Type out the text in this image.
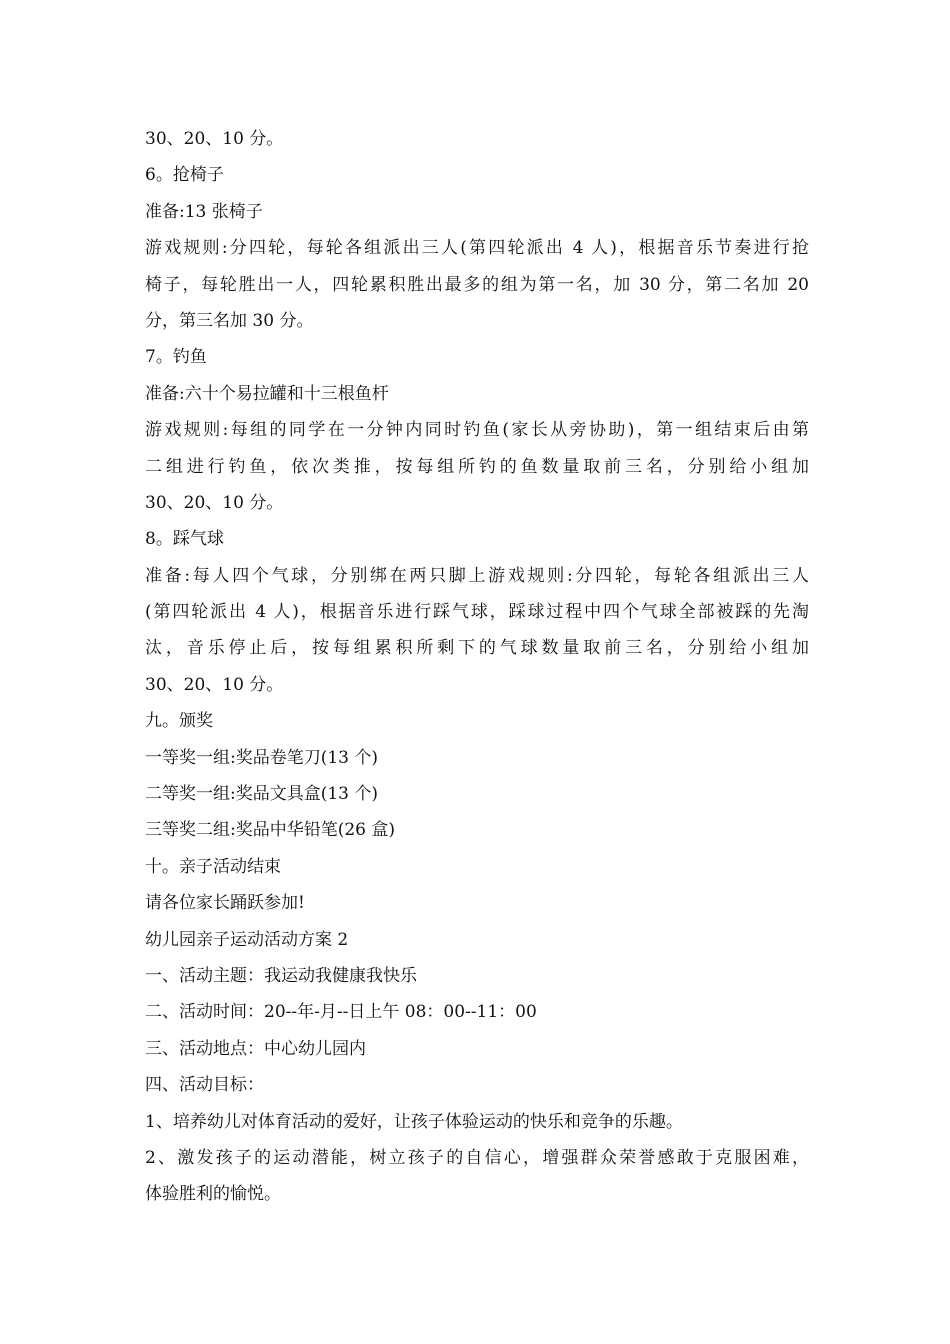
30、20、10 分。
6。抢椅子
准备:13 张椅子
游戏规则:分四轮，每轮各组派出三人(第四轮派出 4 人)，根据音乐节奏进行抢
椅子，每轮胜出一人，四轮累积胜出最多的组为第一名，加 30 分，第二名加 20
分，第三名加 30 分。
7。钓鱼
准备:六十个易拉罐和十三根鱼杆
游戏规则:每组的同学在一分钟内同时钓鱼(家长从旁协助)，第一组结束后由第
二组进行钓鱼，依次类推，按每组所钓的鱼数量取前三名，分别给小组加
30、20、10 分。
8。踩气球
准备:每人四个气球，分别绑在两只脚上游戏规则:分四轮，每轮各组派出三人
(第四轮派出 4 人)，根据音乐进行踩气球，踩球过程中四个气球全部被踩的先淘
汰，音乐停止后，按每组累积所剩下的气球数量取前三名，分别给小组加
30、20、10 分。
九。颁奖
一等奖一组:奖品卷笔刀(13 个)
二等奖一组:奖品文具盒(13 个)
三等奖二组:奖品中华铅笔(26 盒)
十。亲子活动结束
请各位家长踊跃参加!
幼儿园亲子运动活动方案 2
一、活动主题：我运动我健康我快乐
二、活动时间：20--年-月--日上午 08：00--11：00
三、活动地点：中心幼儿园内
四、活动目标：
1、培养幼儿对体育活动的爱好，让孩子体验运动的快乐和竞争的乐趣。
2、激发孩子的运动潜能，树立孩子的自信心，增强群众荣誉感敢于克服困难，
体验胜利的愉悦。
